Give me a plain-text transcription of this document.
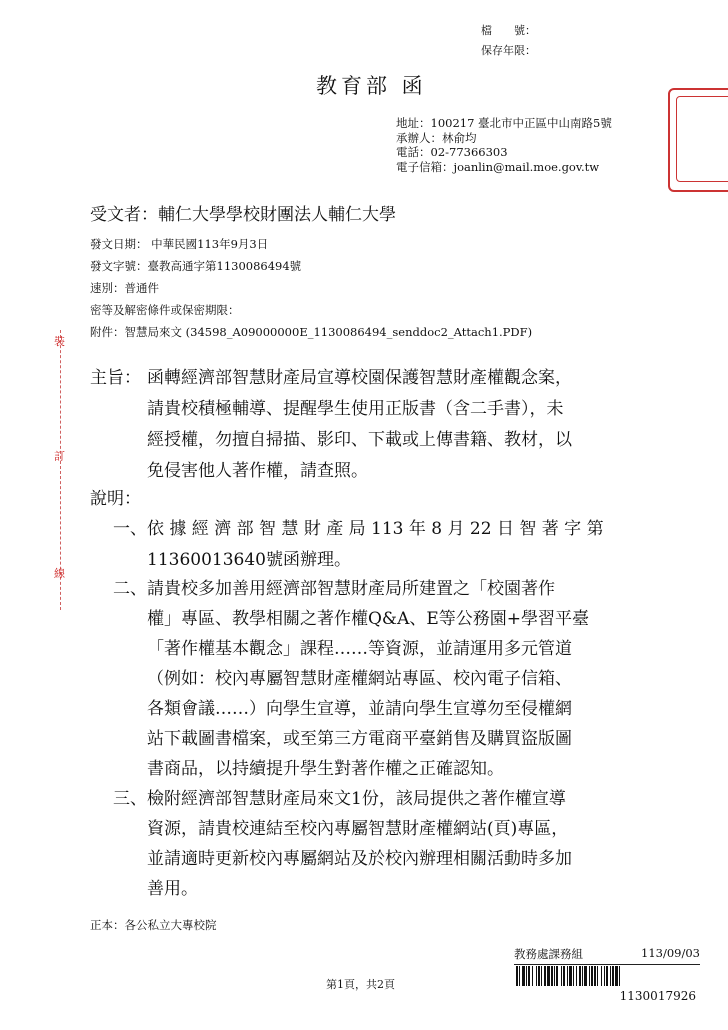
檔　　號：
保存年限：
教育部 函
地址：100217 臺北市中正區中山南路5號
承辦人：林俞均
電話：02-77366303
電子信箱：joanlin@mail.moe.gov.tw
受文者：輔仁大學學校財團法人輔仁大學
發文日期： 中華民國113年9月3日
發文字號：臺教高通字第1130086494號
速別：普通件
密等及解密條件或保密期限：
附件：智慧局來文 (34598_A09000000E_1130086494_senddoc2_Attach1.PDF)
裝
訂
線
主旨： 函轉經濟部智慧財產局宣導校園保護智慧財產權觀念案，
請貴校積極輔導、提醒學生使用正版書（含二手書），未
經授權，勿擅自掃描、影印、下載或上傳書籍、教材，以
免侵害他人著作權，請查照。
說明：
一、 依 據 經 濟 部 智 慧 財 產 局 113 年 8 月 22 日 智 著 字 第
11360013640號函辦理。
二、 請貴校多加善用經濟部智慧財產局所建置之「校園著作
權」專區、教學相關之著作權Q&A、E等公務園+學習平臺
「著作權基本觀念」課程……等資源，並請運用多元管道
（例如：校內專屬智慧財產權網站專區、校內電子信箱、
各類會議……）向學生宣導，並請向學生宣導勿至侵權網
站下載圖書檔案，或至第三方電商平臺銷售及購買盜版圖
書商品，以持續提升學生對著作權之正確認知。
三、 檢附經濟部智慧財產局來文1份，該局提供之著作權宣導
資源，請貴校連結至校內專屬智慧財產權網站(頁)專區，
並請適時更新校內專屬網站及於校內辦理相關活動時多加
善用。
正本：各公私立大專校院
教務處課務組	113/09/03
1130017926
第1頁，共2頁
